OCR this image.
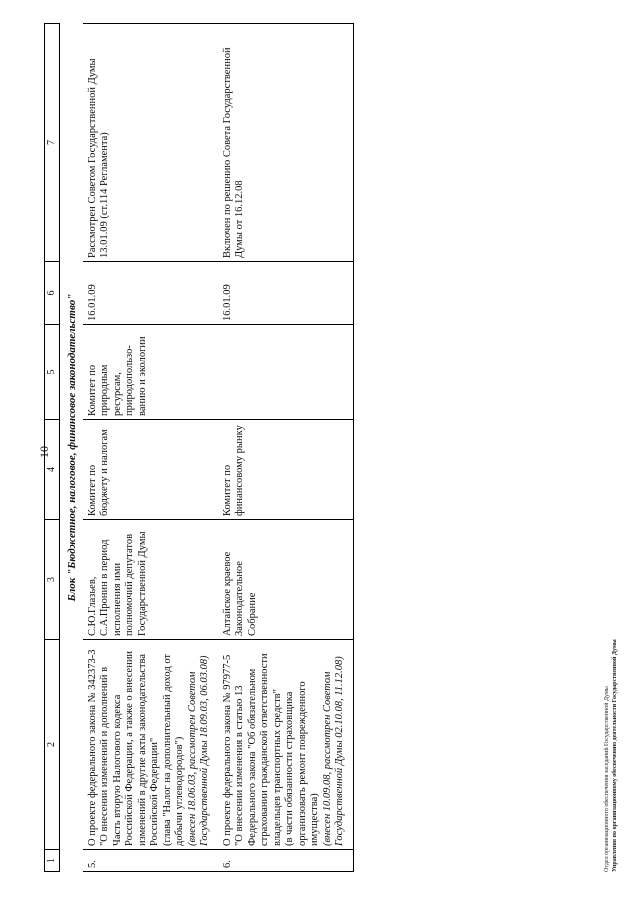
10
1	2	3	4	5	6	7
Блок "Бюджетное, налоговое, финансовое законодательство"						
5.	О проекте федерального закона № 342373-3 "О внесении изменений и дополнений в Часть вторую Налогового кодекса Российской Федерации, а также о внесении изменений в другие акты законодательства Российской Федерации"
(глава "Налог на дополнительный доход от добычи углеводородов") (внесен 18.06.03, рассмотрен Советом Государственной Думы 18.09.03, 06.03.08)	С.Ю.Глазьев, С.А.Пронин в период исполнения ими полномочий депутатов Государственной Думы	Комитет по бюджету и налогам	Комитет по природным ресурсам, природопользо-ванию и экологии	16.01.09	Рассмотрен Советом Государственной Думы 13.01.09 (ст.114 Регламента)
6.	О проекте федерального закона № 97977-5 "О внесении изменения в статью 13 Федерального закона "Об обязательном страховании гражданской ответственности владельцев транспортных средств"
(в части обязанности страховщика организовать ремонт поврежденного имущества) (внесен 10.09.08, рассмотрен Советом Государственной Думы 02.10.08, 11.12.08)	Алтайское краевое Законодательное Собрание	Комитет по финансовому рынку		16.01.09	Включен по решению Совета Государственной Думы от 16.12.08
Отдел организационного обеспечения заседаний Государственной Думы Управления по организационному обеспечению деятельности Государственной Думы
